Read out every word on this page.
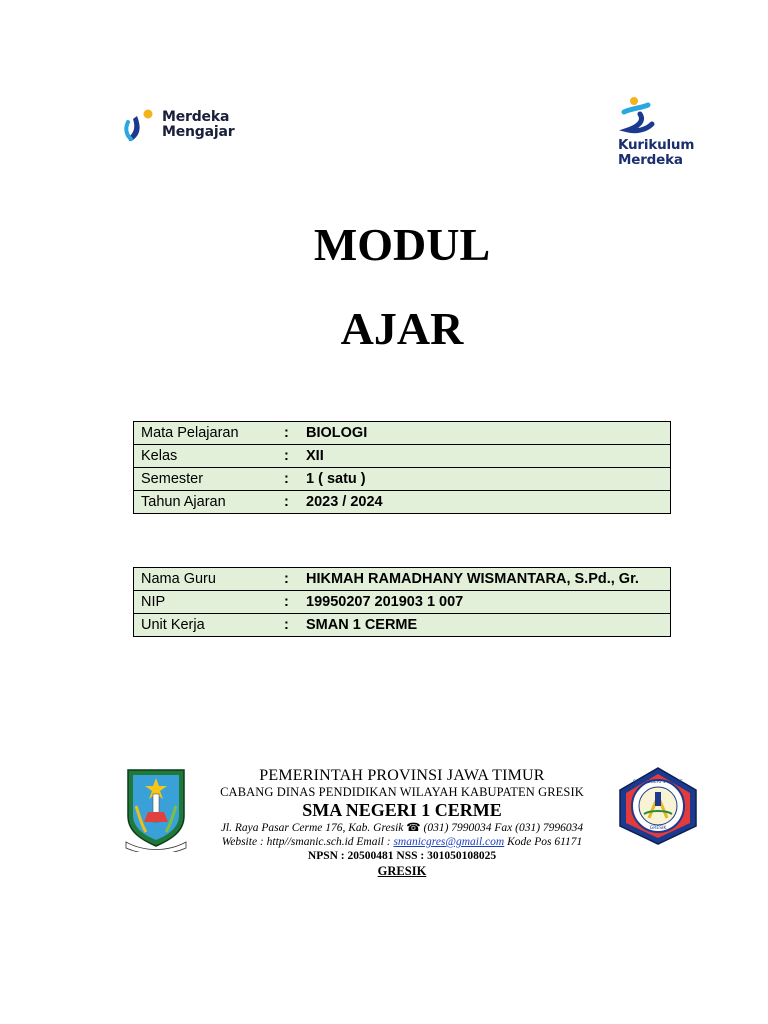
Merdeka
Mengajar
Kurikulum
Merdeka
MODUL
AJAR
Mata Pelajaran	: BIOLOGI
Kelas	: XII
Semester	: 1 ( satu )
Tahun Ajaran	: 2023 / 2024
Nama Guru	: HIKMAH RAMADHANY WISMANTARA, S.Pd., Gr.
NIP	: 19950207 201903 1 007
Unit Kerja	: SMAN 1 CERME
PEMERINTAH PROVINSI JAWA TIMUR
CABANG DINAS PENDIDIKAN WILAYAH KABUPATEN GRESIK
SMA NEGERI 1 CERME
Jl. Raya Pasar Cerme 176, Kab. Gresik ☎ (031) 7990034 Fax (031) 7996034
Website : http//smanic.sch.id Email : smanicgres@gmail.com Kode Pos 61171
NPSN : 20500481 NSS : 301050108025
GRESIK
SMA NEGERI 1 CERME
GRESIK
